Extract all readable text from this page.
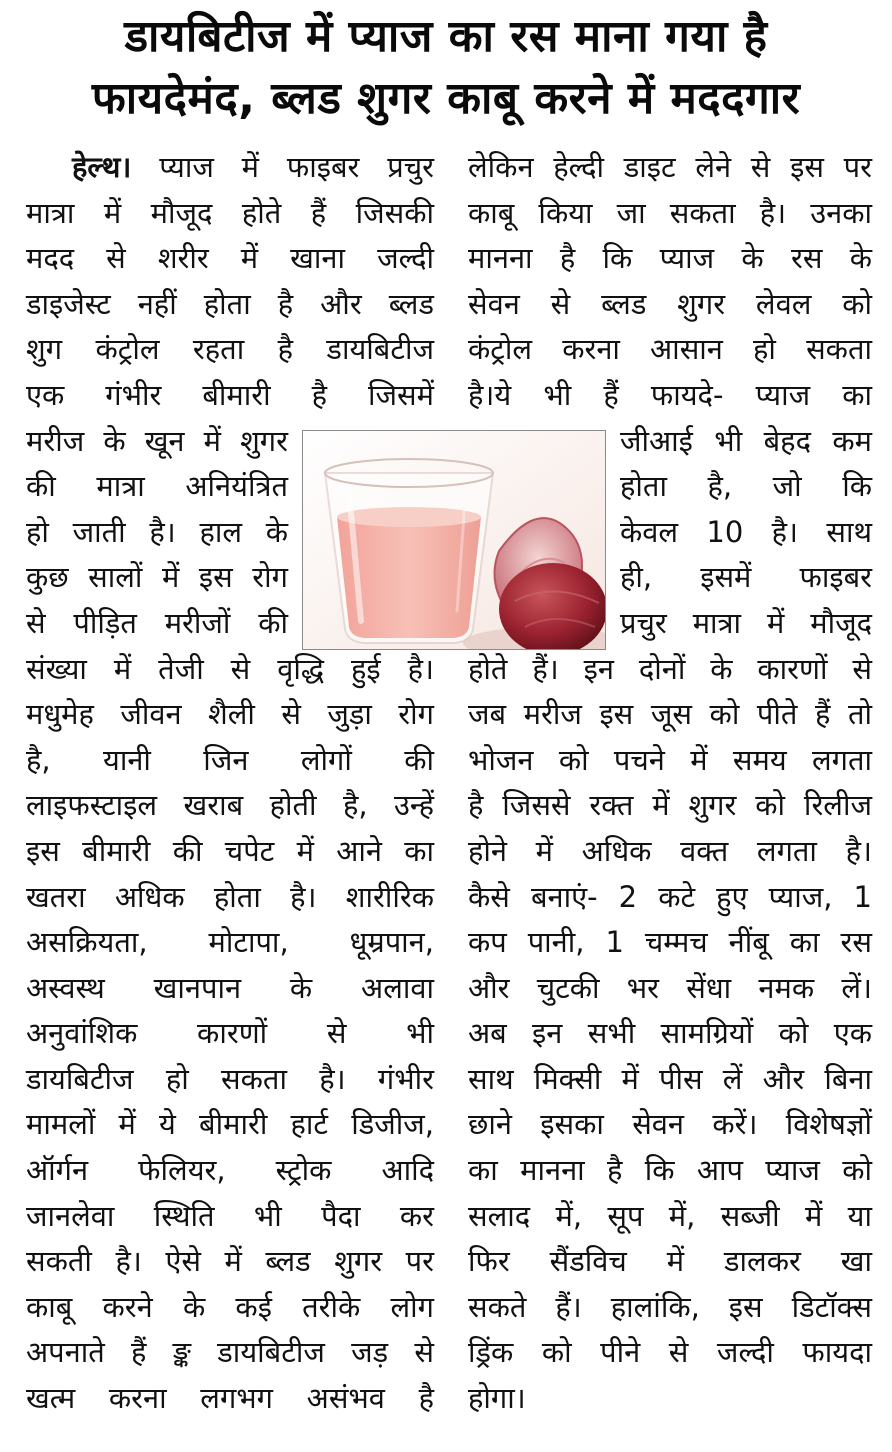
डायबिटीज में प्याज का रस माना गया है
फायदेमंद, ब्लड शुगर काबू करने में मददगार
हेल्थ। प्याज में फाइबर प्रचुर
मात्रा में मौजूद होते हैं जिसकी
मदद से शरीर में खाना जल्दी
डाइजेस्ट नहीं होता है और ब्लड
शुग कंट्रोल रहता है डायबिटीज
एक गंभीर बीमारी है जिसमें
मरीज के खून में शुगर
की मात्रा अनियंत्रित
हो जाती है। हाल के
कुछ सालों में इस रोग
से पीड़ित मरीजों की
संख्या में तेजी से वृद्धि हुई है।
मधुमेह जीवन शैली से जुड़ा रोग
है, यानी जिन लोगों की
लाइफस्टाइल खराब होती है, उन्हें
इस बीमारी की चपेट में आने का
खतरा अधिक होता है। शारीरिक
असक्रियता, मोटापा, धूम्रपान,
अस्वस्थ खानपान के अलावा
अनुवांशिक कारणों से भी
डायबिटीज हो सकता है। गंभीर
मामलों में ये बीमारी हार्ट डिजीज,
ऑर्गन फेलियर, स्ट्रोक आदि
जानलेवा स्थिति भी पैदा कर
सकती है। ऐसे में ब्लड शुगर पर
काबू करने के कई तरीके लोग
अपनाते हैं ङ्क डायबिटीज जड़ से
खत्म करना लगभग असंभव है
लेकिन हेल्दी डाइट लेने से इस पर
काबू किया जा सकता है। उनका
मानना है कि प्याज के रस के
सेवन से ब्लड शुगर लेवल को
कंट्रोल करना आसान हो सकता
है।ये भी हैं फायदे- प्याज का
जीआई भी बेहद कम
होता है, जो कि
केवल 10 है। साथ
ही, इसमें फाइबर
प्रचुर मात्रा में मौजूद
होते हैं। इन दोनों के कारणों से
जब मरीज इस जूस को पीते हैं तो
भोजन को पचने में समय लगता
है जिससे रक्त में शुगर को रिलीज
होने में अधिक वक्त लगता है।
कैसे बनाएं- 2 कटे हुए प्याज, 1
कप पानी, 1 चम्मच नींबू का रस
और चुटकी भर सेंधा नमक लें।
अब इन सभी सामग्रियों को एक
साथ मिक्सी में पीस लें और बिना
छाने इसका सेवन करें। विशेषज्ञों
का मानना है कि आप प्याज को
सलाद में, सूप में, सब्जी में या
फिर सैंडविच में डालकर खा
सकते हैं। हालांकि, इस डिटॉक्स
ड्रिंक को पीने से जल्दी फायदा
होगा।
